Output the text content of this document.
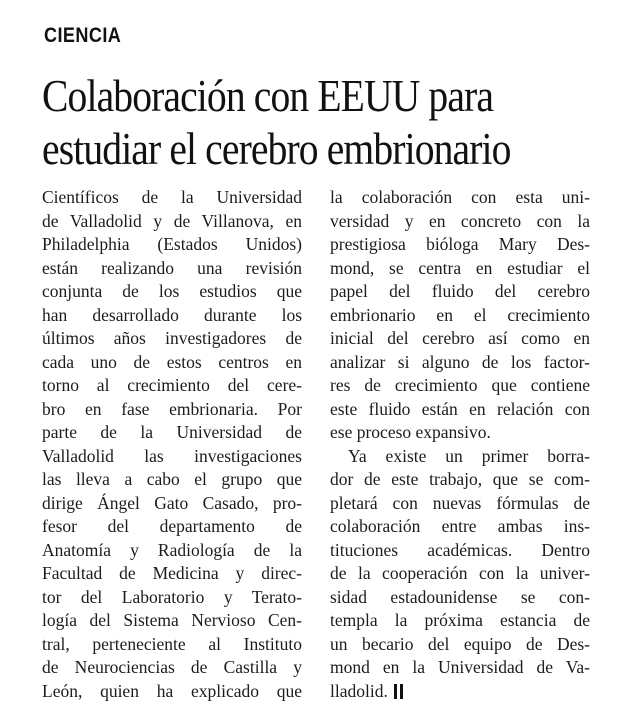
CIENCIA
Colaboración con EEUU para
estudiar el cerebro embrionario
Científicos de la Universidad
de Valladolid y de Villanova, en
Philadelphia (Estados Unidos)
están realizando una revisión
conjunta de los estudios que
han desarrollado durante los
últimos años investigadores de
cada uno de estos centros en
torno al crecimiento del cere-
bro en fase embrionaria. Por
parte de la Universidad de
Valladolid las investigaciones
las lleva a cabo el grupo que
dirige Ángel Gato Casado, pro-
fesor del departamento de
Anatomía y Radiología de la
Facultad de Medicina y direc-
tor del Laboratorio y Terato-
logía del Sistema Nervioso Cen-
tral, perteneciente al Instituto
de Neurociencias de Castilla y
León, quien ha explicado que
la colaboración con esta uni-
versidad y en concreto con la
prestigiosa bióloga Mary Des-
mond, se centra en estudiar el
papel del fluido del cerebro
embrionario en el crecimiento
inicial del cerebro así como en
analizar si alguno de los factor-
res de crecimiento que contiene
este fluido están en relación con
ese proceso expansivo.
Ya existe un primer borra-
dor de este trabajo, que se com-
pletará con nuevas fórmulas de
colaboración entre ambas ins-
tituciones académicas. Dentro
de la cooperación con la univer-
sidad estadounidense se con-
templa la próxima estancia de
un becario del equipo de Des-
mond en la Universidad de Va-
lladolid.
